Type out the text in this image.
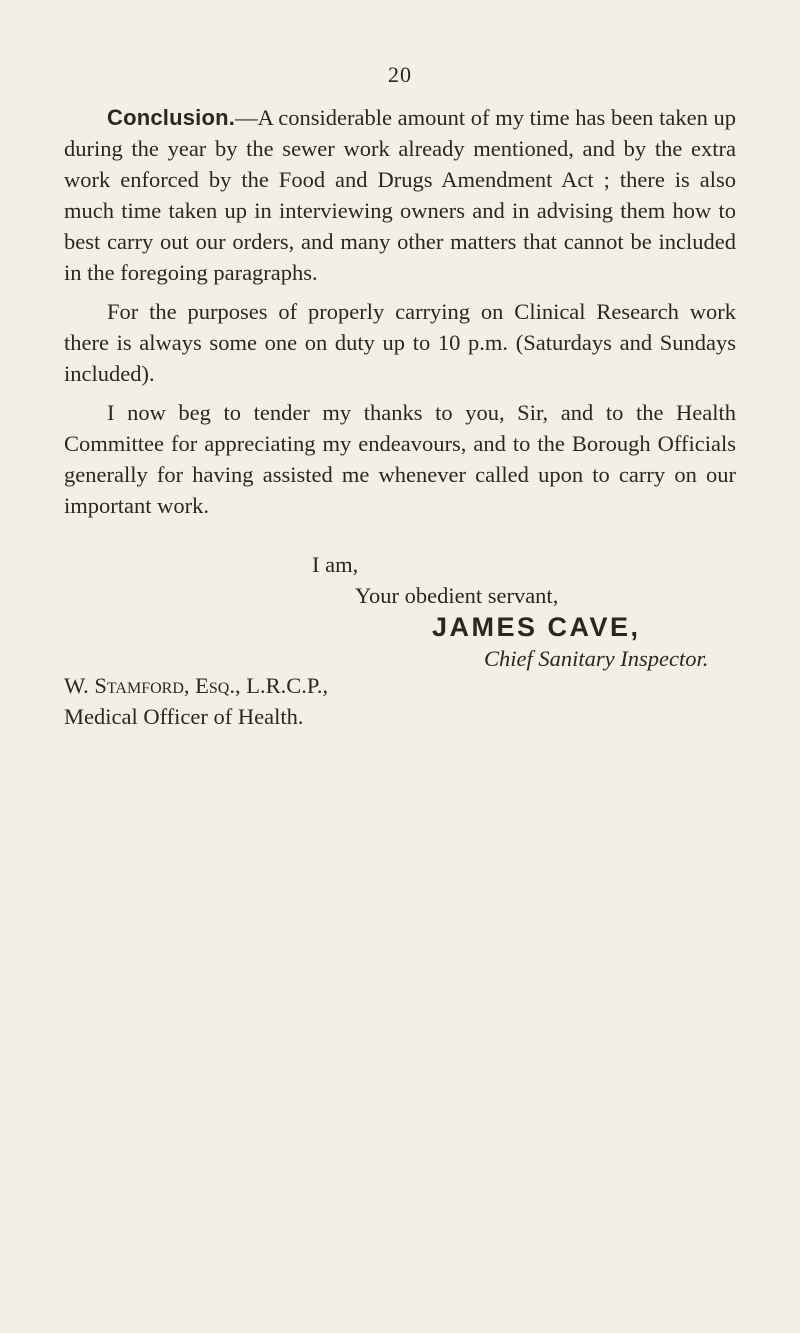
20

Conclusion.—A considerable amount of my time has been taken up during the year by the sewer work already mentioned, and by the extra work enforced by the Food and Drugs Amendment Act ; there is also much time taken up in interviewing owners and in advising them how to best carry out our orders, and many other matters that cannot be included in the foregoing paragraphs.

For the purposes of properly carrying on Clinical Research work there is always some one on duty up to 10 p.m. (Saturdays and Sundays included).

I now beg to tender my thanks to you, Sir, and to the Health Committee for appreciating my endeavours, and to the Borough Officials generally for having assisted me whenever called upon to carry on our important work.

I am,
Your obedient servant,
JAMES CAVE,
Chief Sanitary Inspector.
W. Stamford, Esq., L.R.C.P.,
Medical Officer of Health.
